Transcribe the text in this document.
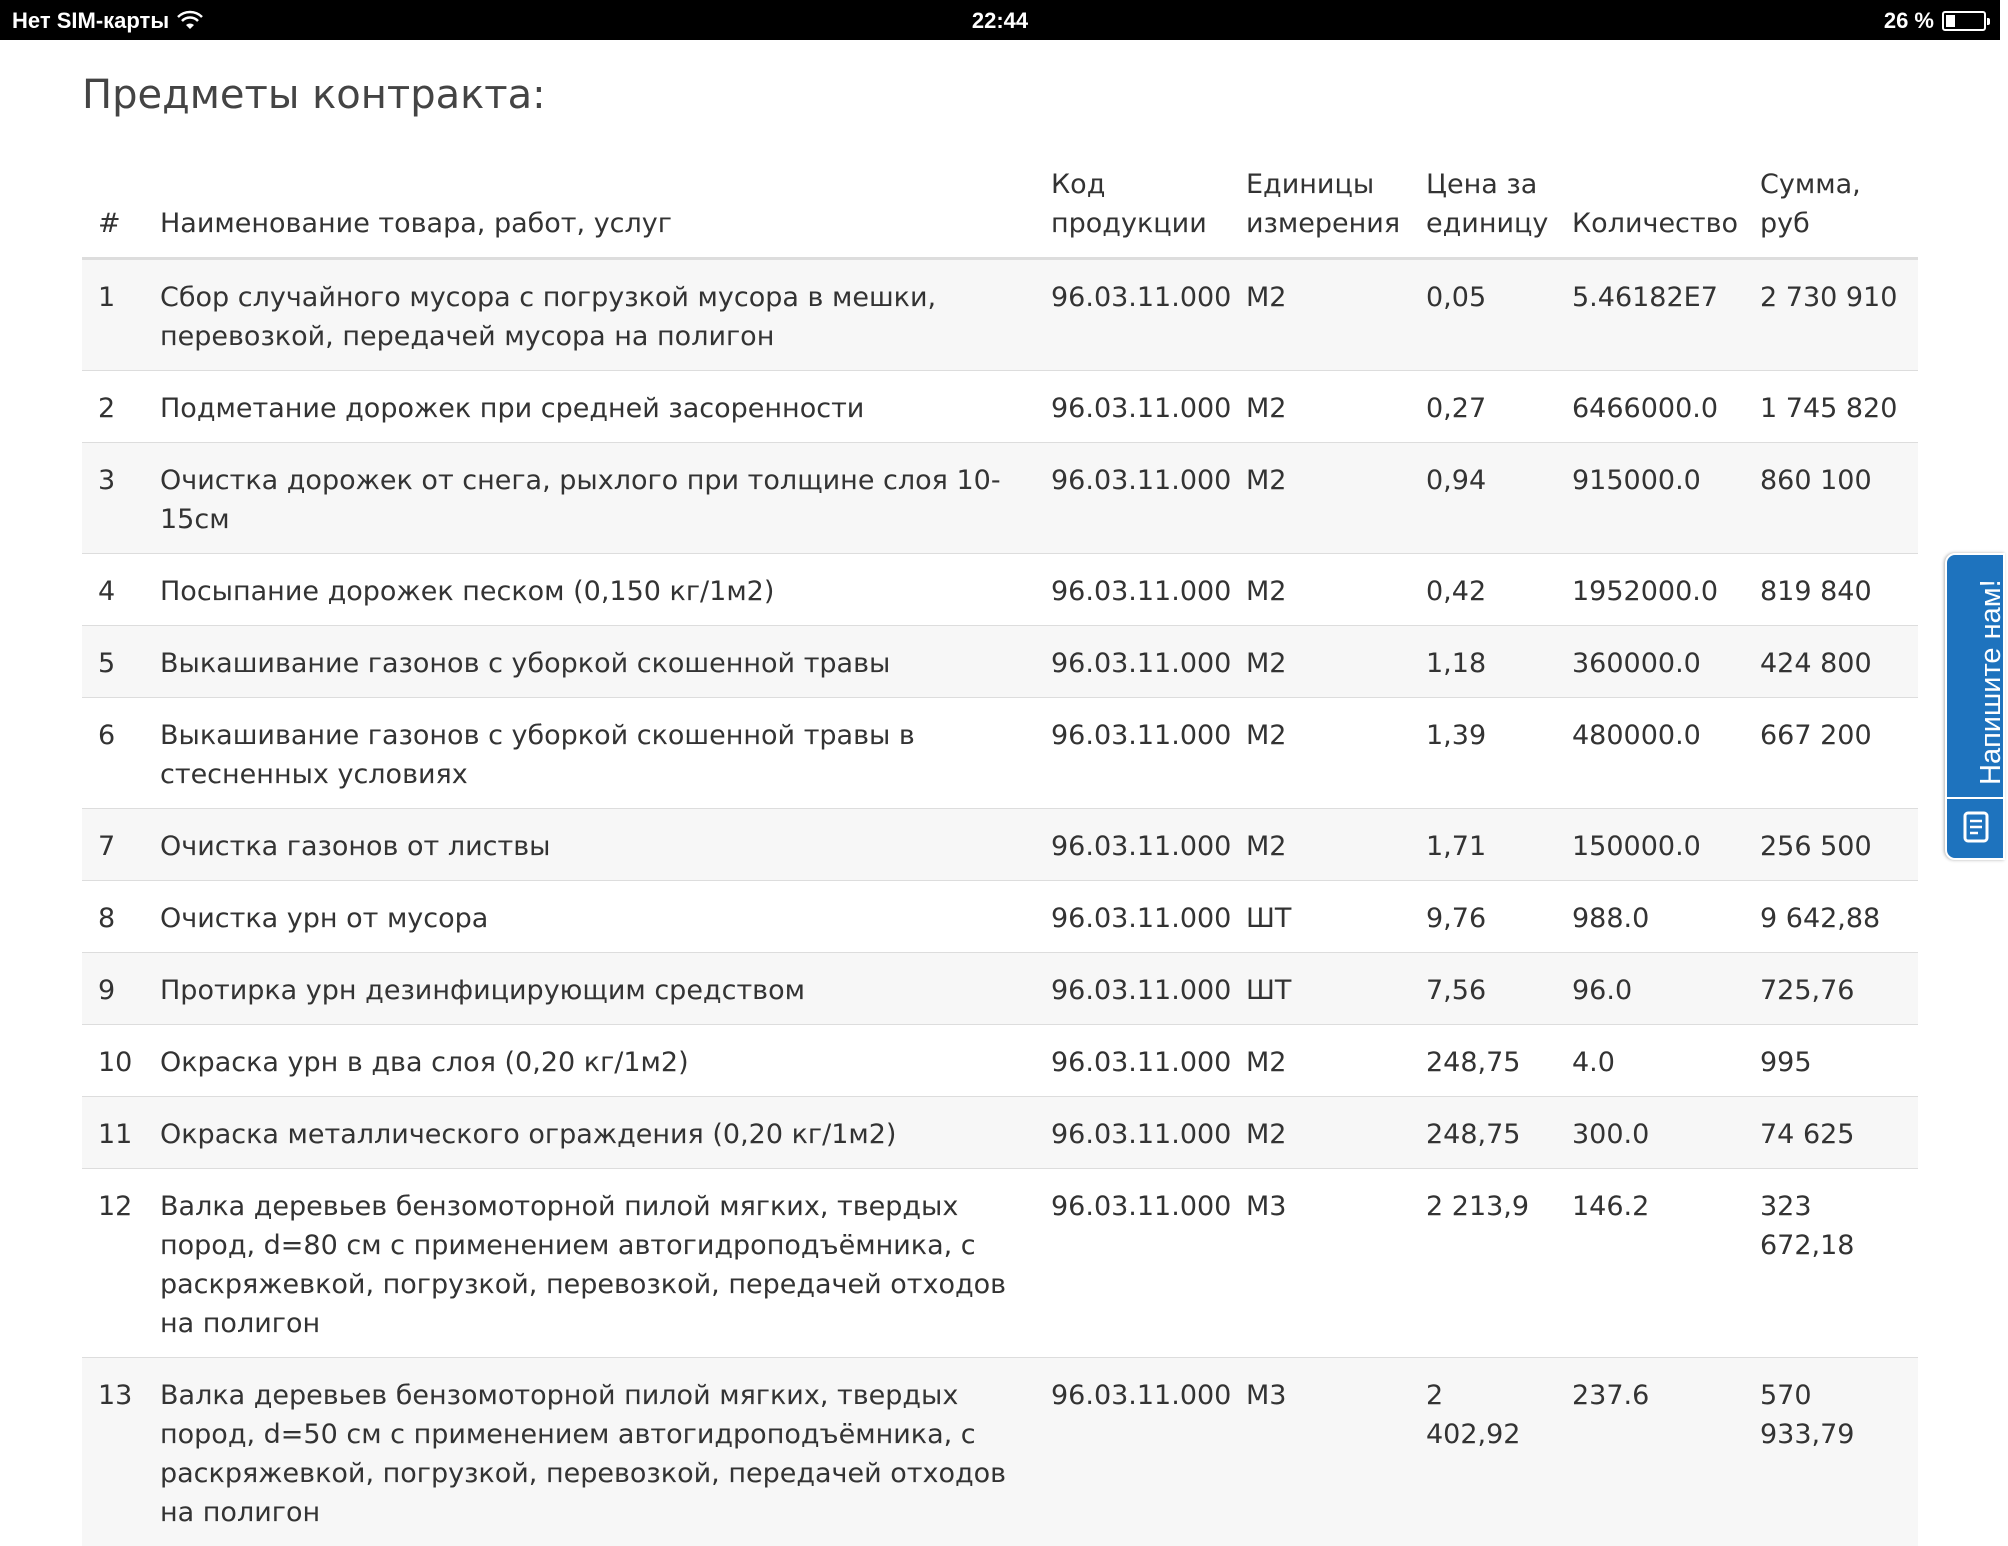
Нет SIM-карты	22:44	26 %
Предметы контракта:
#	Наименование товара, работ, услуг	Код продукции	Единицы измерения	Цена за единицу	Количество	Сумма, руб
1	Сбор случайного мусора с погрузкой мусора в мешки, перевозкой, передачей мусора на полигон	96.03.11.000	М2	0,05	5.46182E7	2 730 910
2	Подметание дорожек при средней засоренности	96.03.11.000	М2	0,27	6466000.0	1 745 820
3	Очистка дорожек от снега, рыхлого при толщине слоя 10-15см	96.03.11.000	М2	0,94	915000.0	860 100
4	Посыпание дорожек песком (0,150 кг/1м2)	96.03.11.000	М2	0,42	1952000.0	819 840
5	Выкашивание газонов с уборкой скошенной травы	96.03.11.000	М2	1,18	360000.0	424 800
6	Выкашивание газонов с уборкой скошенной травы в стесненных условиях	96.03.11.000	М2	1,39	480000.0	667 200
7	Очистка газонов от листвы	96.03.11.000	М2	1,71	150000.0	256 500
8	Очистка урн от мусора	96.03.11.000	ШТ	9,76	988.0	9 642,88
9	Протирка урн дезинфицирующим средством	96.03.11.000	ШТ	7,56	96.0	725,76
10	Окраска урн в два слоя (0,20 кг/1м2)	96.03.11.000	М2	248,75	4.0	995
11	Окраска металлического ограждения (0,20 кг/1м2)	96.03.11.000	М2	248,75	300.0	74 625
12	Валка деревьев бензомоторной пилой мягких, твердых пород, d=80 см с применением автогидроподъёмника, с раскряжевкой, погрузкой, перевозкой, передачей отходов на полигон	96.03.11.000	М3	2 213,9	146.2	323 672,18
13	Валка деревьев бензомоторной пилой мягких, твердых пород, d=50 см с применением автогидроподъёмника, с раскряжевкой, погрузкой, перевозкой, передачей отходов на полигон	96.03.11.000	М3	2 402,92	237.6	570 933,79
Напишите нам!
